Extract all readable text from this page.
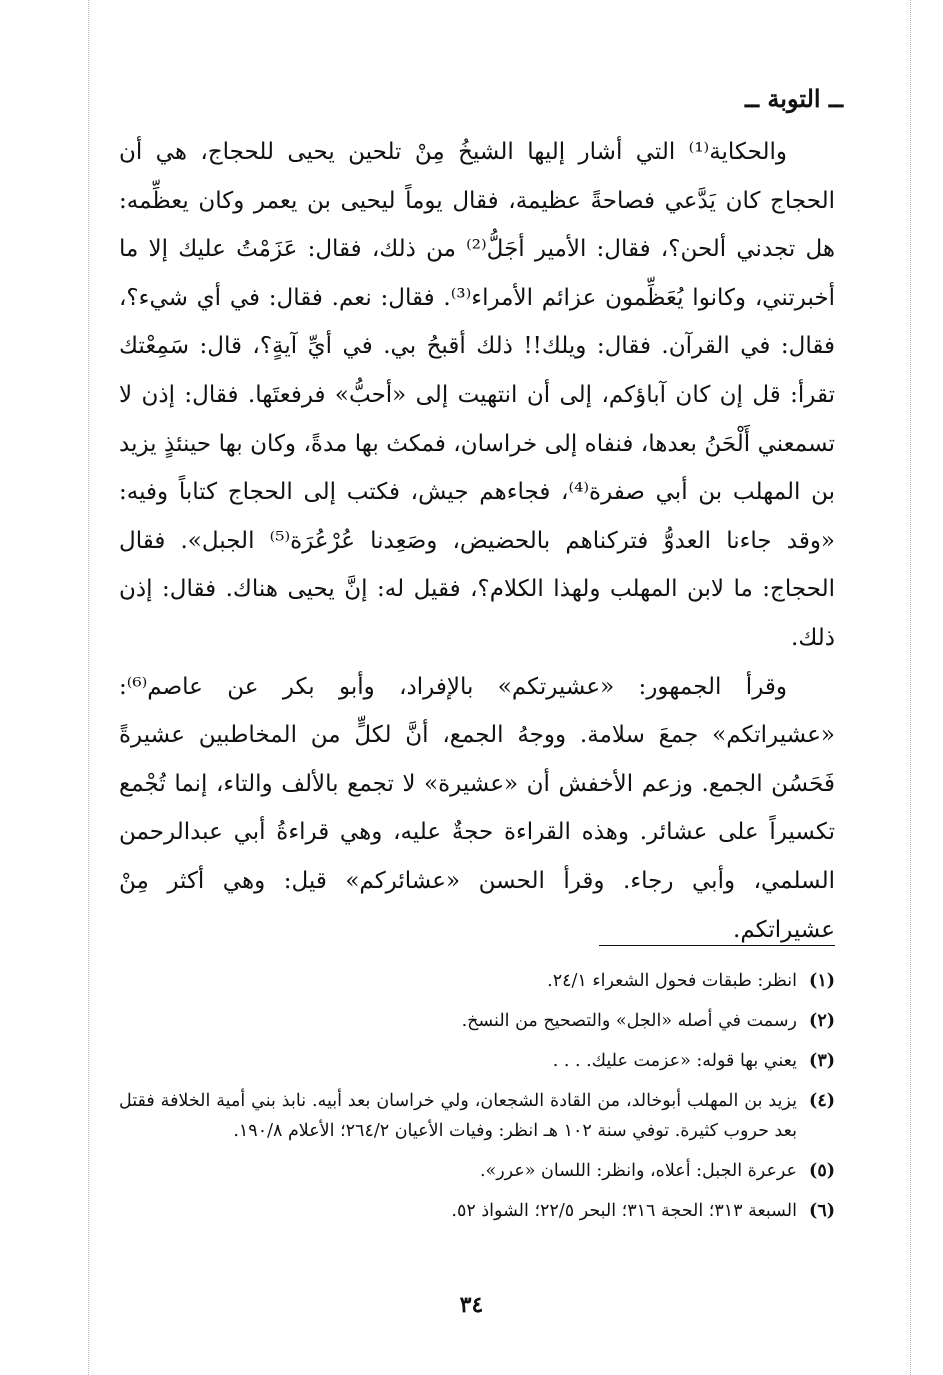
ــ التوبة ــ

والحكاية⁽¹⁾ التي أشار إليها الشيخُ مِنْ تلحين يحيى للحجاج، هي أن الحجاج كان يَدَّعي فصاحةً عظيمة، فقال يوماً ليحيى بن يعمر وكان يعظِّمه: هل تجدني ألحن؟، فقال: الأمير أجَلُّ⁽²⁾ من ذلك، فقال: عَزَمْتُ عليك إلا ما أخبرتني، وكانوا يُعَظِّمون عزائم الأمراء⁽³⁾. فقال: نعم. فقال: في أي شيء؟، فقال: في القرآن. فقال: ويلك!! ذلك أقبحُ بي. في أيِّ آيةٍ؟، قال: سَمِعْتك تقرأ: قل إن كان آباؤكم، إلى أن انتهيت إلى «أحبُّ» فرفعتَها. فقال: إذن لا تسمعني أَلْحَنُ بعدها، فنفاه إلى خراسان، فمكث بها مدةً، وكان بها حينئذٍ يزيد بن المهلب بن أبي صفرة⁽⁴⁾، فجاءهم جيش، فكتب إلى الحجاج كتاباً وفيه: «وقد جاءنا العدوُّ فتركناهم بالحضيض، وصَعِدنا عُرْعُرَة⁽⁵⁾ الجبل». فقال الحجاج: ما لابن المهلب ولهذا الكلام؟، فقيل له: إنَّ يحيى هناك. فقال: إذن ذلك.

وقرأ الجمهور: «عشيرتكم» بالإفراد، وأبو بكر عن عاصم⁽⁶⁾: «عشيراتكم» جمعَ سلامة. ووجهُ الجمع، أنَّ لكلٍّ من المخاطبين عشيرةً فَحَسُن الجمع. وزعم الأخفش أن «عشيرة» لا تجمع بالألف والتاء، إنما تُجْمع تكسيراً على عشائر. وهذه القراءة حجةٌ عليه، وهي قراءةُ أبي عبدالرحمن السلمي، وأبي رجاء. وقرأ الحسن «عشائركم» قيل: وهي أكثر مِنْ عشيراتكم.

(١)
انظر: طبقات فحول الشعراء ٢٤/١.
(٢)
رسمت في أصله «الجل» والتصحيح من النسخ.
(٣)
يعني بها قوله: «عزمت عليك. . . .
(٤)
يزيد بن المهلب أبوخالد، من القادة الشجعان، ولي خراسان بعد أبيه. نابذ بني أمية الخلافة فقتل بعد حروب كثيرة. توفي سنة ١٠٢ هـ انظر: وفيات الأعيان ٢٦٤/٢؛ الأعلام ١٩٠/٨.
(٥)
عرعرة الجبل: أعلاه، وانظر: اللسان «عرر».
(٦)
السبعة ٣١٣؛ الحجة ٣١٦؛ البحر ٢٢/٥؛ الشواذ ٥٢.
٣٤
